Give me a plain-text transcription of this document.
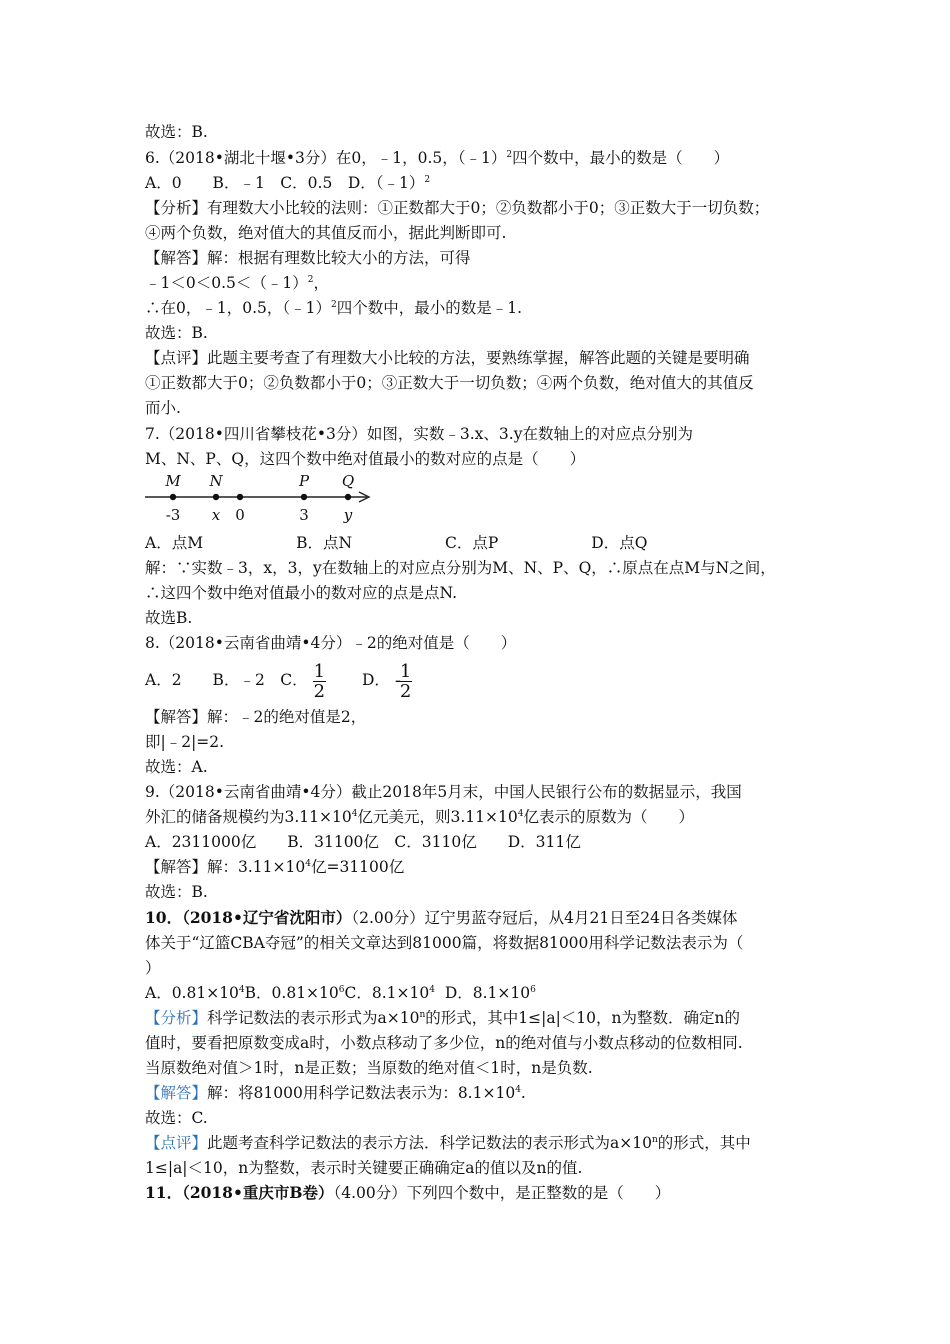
故选：B.
6.（2018•湖北十堰•3分）在0，﹣1，0.5，（﹣1）$^2$四个数中，最小的数是（　　）
A．0　　B．﹣1　C．0.5　D．（﹣1）$^2$
【分析】有理数大小比较的法则：①正数都大于0；②负数都小于0；③正数大于一切负数；
④两个负数，绝对值大的其值反而小，据此判断即可.
【解答】解：根据有理数比较大小的方法，可得
﹣1＜0＜0.5＜（﹣1）$^2$，
∴在0，﹣1，0.5，（﹣1）$^2$四个数中，最小的数是﹣1.
故选：B.
【点评】此题主要考查了有理数大小比较的方法，要熟练掌握，解答此题的关键是要明确
①正数都大于0；②负数都小于0；③正数大于一切负数；④两个负数，绝对值大的其值反
而小.
7.（2018•四川省攀枝花•3分）如图，实数﹣3.x、3.y在数轴上的对应点分别为
M、N、P、Q，这四个数中绝对值最小的数对应的点是（　　）
M
-3
N
x 0
P
3
Q
y
A．点M　　　　　　B．点N　　　　　　C．点P　　　　　　D．点Q
解：∵实数﹣3，x，3，y在数轴上的对应点分别为M、N、P、Q，∴原点在点M与N之间，
∴这四个数中绝对值最小的数对应的点是点N.
故选B.
8.（2018•云南省曲靖•4分）﹣2的绝对值是（　　）
A．2　　B．﹣2　C． $\frac{1}{2}$ D． -
$\frac{1}{2}$
【解答】解：﹣2的绝对值是2，
即|﹣2|=2.
故选：A.
9.（2018•云南省曲靖•4分）截止2018年5月末，中国人民银行公布的数据显示，我国
外汇的储备规模约为$3.11\times 10^4$亿元美元，则$3.11\times 10^4$亿表示的原数为（　　）
A．2311000亿　　B．31100亿　C．3110亿　　D．311亿
【解答】解：$3.11\times 10^4$亿=31100亿
故选：B.
10．（2018•辽宁省沈阳市）（2.00分）辽宁男蓝夺冠后，从4月21日至24日各类媒体
体关于“辽篮CBA夺冠”的相关文章达到81000篇，将数据81000用科学记数法表示为（
）
A．$0.81\times 10^4B$．$0.81\times 10^6C$．$8.1\times 10^4$ D．$8.1\times 10^6$
【分析】科学记数法的表示形式为$a\times 10^n$的形式，其中1≤|a|＜10，n为整数．确定n的
值时，要看把原数变成a时，小数点移动了多少位，n的绝对值与小数点移动的位数相同.
当原数绝对值＞1时，n是正数；当原数的绝对值＜1时，n是负数.
【解答】解：将81000用科学记数法表示为：$8.1\times 10^4$.
故选：C.
【点评】此题考查科学记数法的表示方法．科学记数法的表示形式为$a\times 10^n$的形式，其中
1≤|a|＜10，n为整数，表示时关键要正确确定a的值以及n的值.
11．（2018•重庆市B卷）（4.00分）下列四个数中，是正整数的是（　　）
